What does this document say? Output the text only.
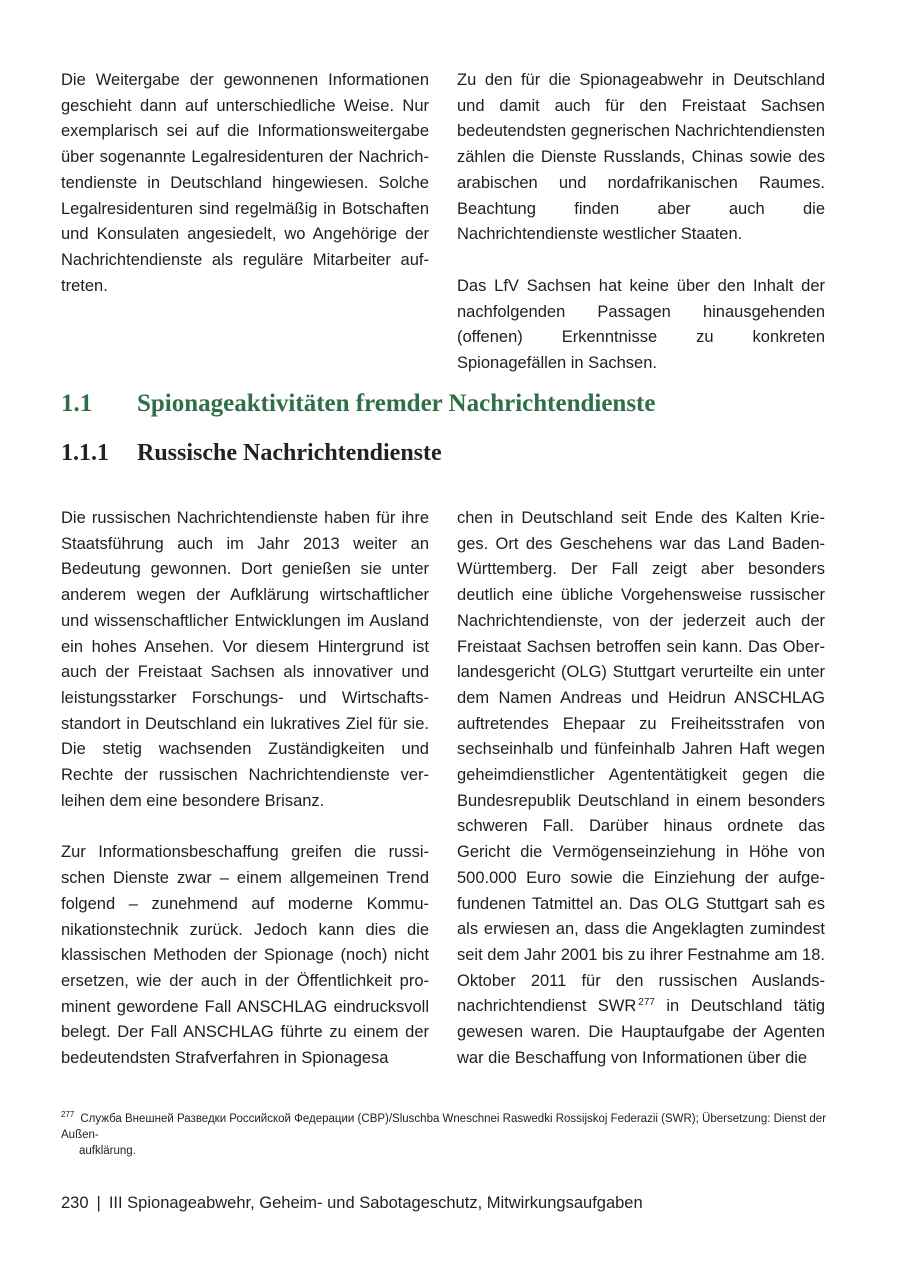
Die Weitergabe der gewonnenen Informationen geschieht dann auf unterschiedliche Weise. Nur exemplarisch sei auf die Informationsweitergabe über sogenannte Legalresidenturen der Nachrichtendienste in Deutschland hingewiesen. Solche Legalresidenturen sind regelmäßig in Botschaften und Konsulaten angesiedelt, wo Angehörige der Nachrichtendienste als reguläre Mitarbeiter auftreten.

Zu den für die Spionageabwehr in Deutschland und damit auch für den Freistaat Sachsen bedeutendsten gegnerischen Nachrichtendiensten zählen die Dienste Russlands, Chinas sowie des arabischen und nordafrikanischen Raumes. Beachtung finden aber auch die Nachrichtendienste westlicher Staaten.

Das LfV Sachsen hat keine über den Inhalt der nachfolgenden Passagen hinausgehenden (offenen) Erkenntnisse zu konkreten Spionagefällen in Sachsen.

1.1 Spionageaktivitäten fremder Nachrichtendienste
1.1.1 Russische Nachrichtendienste

Die russischen Nachrichtendienste haben für ihre Staatsführung auch im Jahr 2013 weiter an Bedeutung gewonnen. Dort genießen sie unter anderem wegen der Aufklärung wirtschaftlicher und wissenschaftlicher Entwicklungen im Ausland ein hohes Ansehen. Vor diesem Hintergrund ist auch der Freistaat Sachsen als innovativer und leistungsstarker Forschungs- und Wirtschaftsstandort in Deutschland ein lukratives Ziel für sie. Die stetig wachsenden Zuständigkeiten und Rechte der russischen Nachrichtendienste verleihen dem eine besondere Brisanz.

Zur Informationsbeschaffung greifen die russischen Dienste zwar – einem allgemeinen Trend folgend – zunehmend auf moderne Kommunikationstechnik zurück. Jedoch kann dies die klassischen Methoden der Spionage (noch) nicht ersetzen, wie der auch in der Öffentlichkeit prominent gewordene Fall ANSCHLAG eindrucksvoll belegt. Der Fall ANSCHLAG führte zu einem der bedeutendsten Strafverfahren in Spionagesa

chen in Deutschland seit Ende des Kalten Krieges. Ort des Geschehens war das Land Baden-Württemberg. Der Fall zeigt aber besonders deutlich eine übliche Vorgehensweise russischer Nachrichtendienste, von der jederzeit auch der Freistaat Sachsen betroffen sein kann. Das Oberlandesgericht (OLG) Stuttgart verurteilte ein unter dem Namen Andreas und Heidrun ANSCHLAG auftretendes Ehepaar zu Freiheitsstrafen von sechseinhalb und fünfeinhalb Jahren Haft wegen geheimdienstlicher Agententätigkeit gegen die Bundesrepublik Deutschland in einem besonders schweren Fall. Darüber hinaus ordnete das Gericht die Vermögenseinziehung in Höhe von 500.000 Euro sowie die Einziehung der aufgefundenen Tatmittel an. Das OLG Stuttgart sah es als erwiesen an, dass die Angeklagten zumindest seit dem Jahr 2001 bis zu ihrer Festnahme am 18. Oktober 2011 für den russischen Auslandsnachrichtendienst SWR $^{277}$ in Deutschland tätig gewesen waren. Die Hauptaufgabe der Agenten war die Beschaffung von Informationen über die

$^{277}$ Служба Внешней Разведки Российской Федерации (СВР)/Sluschba Wneschnei Raswedki Rossijskoj Federazii (SWR); Übersetzung: Dienst der Außen-
aufklärung.
230 | III Spionageabwehr, Geheim- und Sabotageschutz, Mitwirkungsaufgaben
